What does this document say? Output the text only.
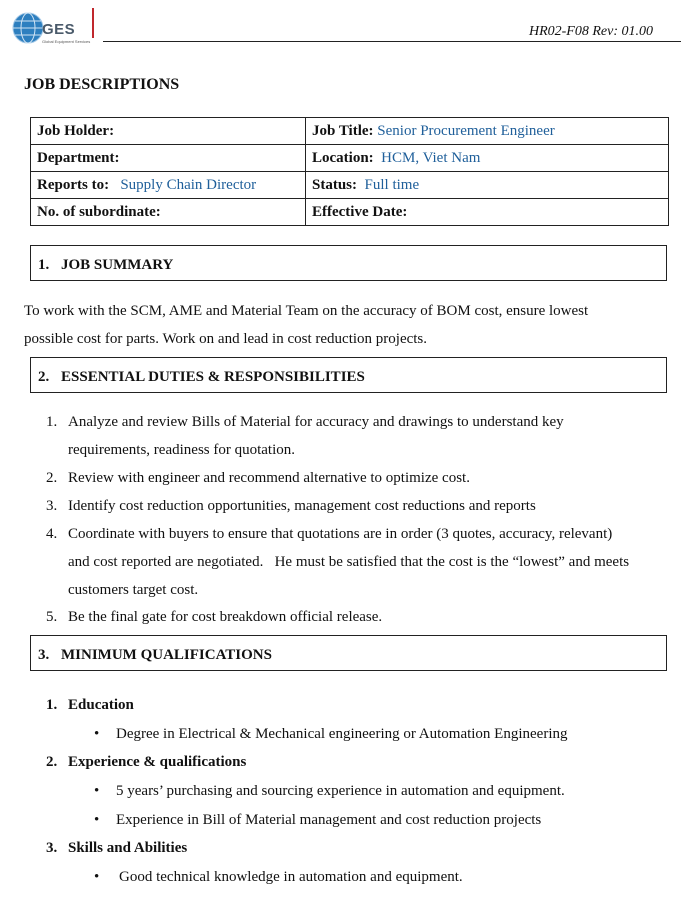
GES
Global Equipment Services
HR02-F08 Rev: 01.00
JOB DESCRIPTIONS
Job Holder:	Job Title: Senior Procurement Engineer
Department:	Location: HCM, Viet Nam
Reports to: Supply Chain Director	Status: Full time
No. of subordinate:	Effective Date:
1. JOB SUMMARY
To work with the SCM, AME and Material Team on the accuracy of BOM cost, ensure lowest
possible cost for parts. Work on and lead in cost reduction projects.
2. ESSENTIAL DUTIES & RESPONSIBILITIES
1. Analyze and review Bills of Material for accuracy and drawings to understand key
requirements, readiness for quotation.
2. Review with engineer and recommend alternative to optimize cost.
3. Identify cost reduction opportunities, management cost reductions and reports
4. Coordinate with buyers to ensure that quotations are in order (3 quotes, accuracy, relevant)
and cost reported are negotiated.   He must be satisfied that the cost is the “lowest” and meets
customers target cost.
5. Be the final gate for cost breakdown official release.
3. MINIMUM QUALIFICATIONS
1. Education
• Degree in Electrical & Mechanical engineering or Automation Engineering
2. Experience & qualifications
• 5 years’ purchasing and sourcing experience in automation and equipment.
• Experience in Bill of Material management and cost reduction projects
3. Skills and Abilities
• Good technical knowledge in automation and equipment.
